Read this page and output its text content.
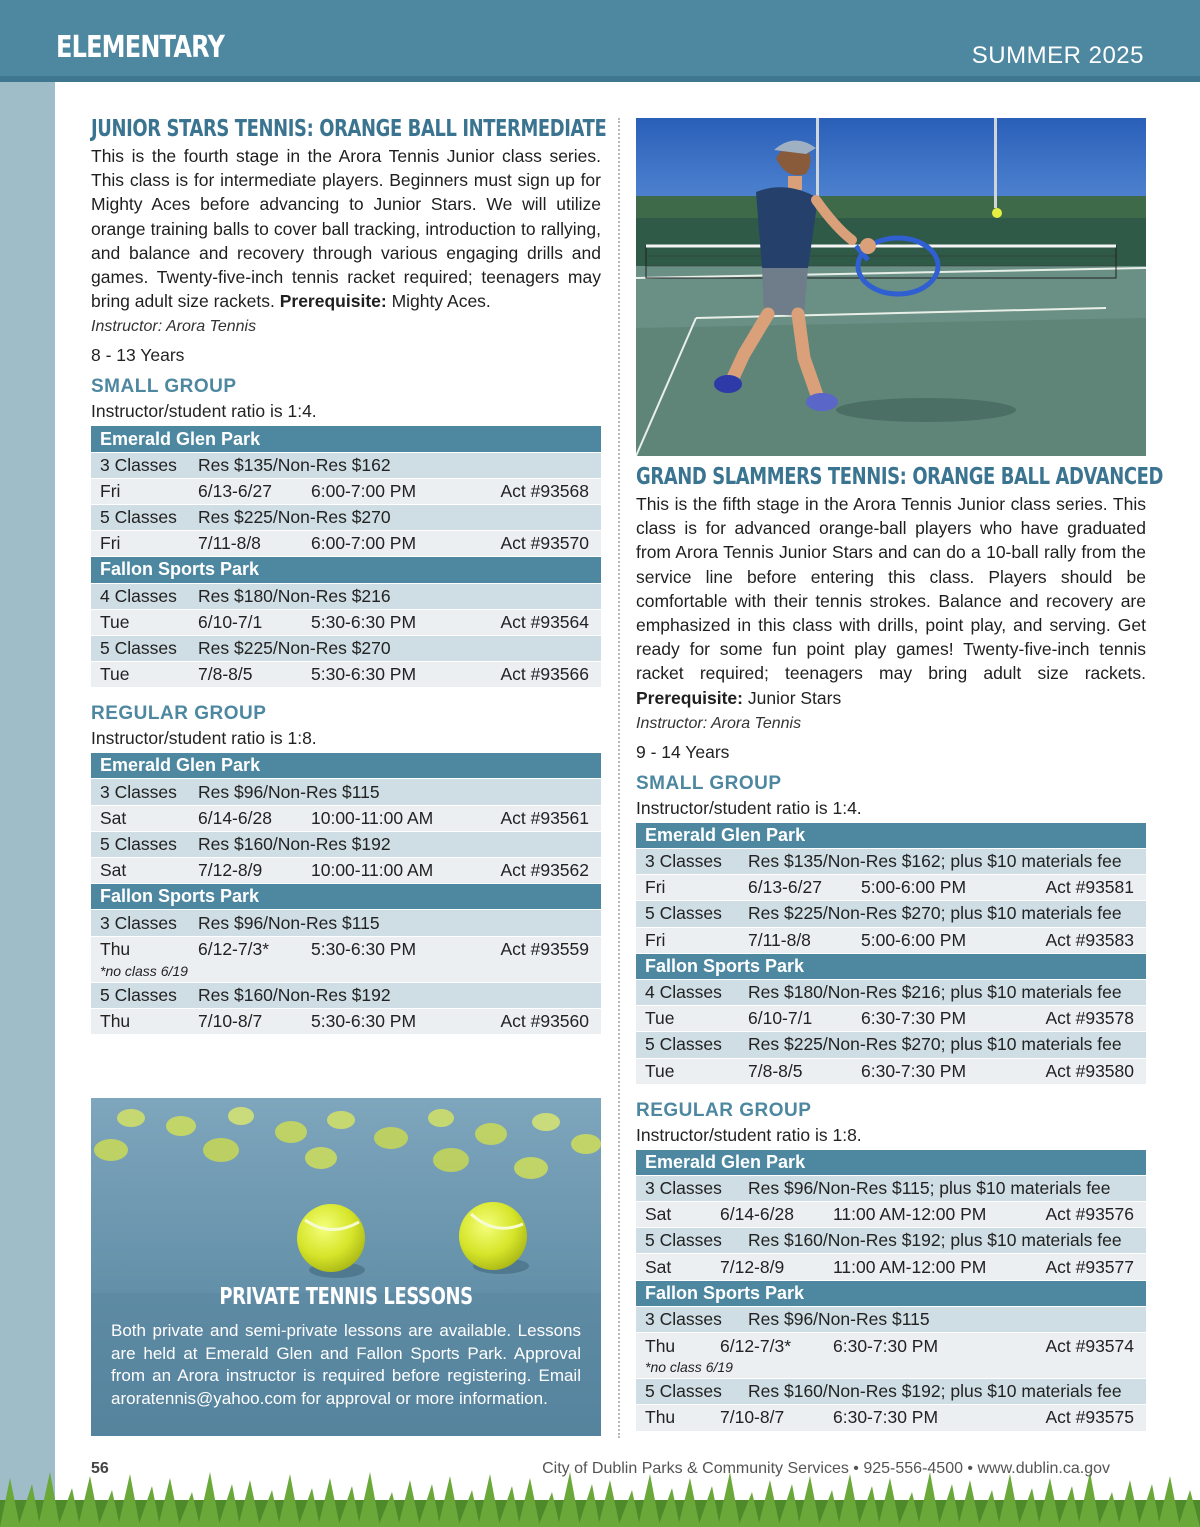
ELEMENTARY	SUMMER 2025
JUNIOR STARS TENNIS: ORANGE BALL INTERMEDIATE
This is the fourth stage in the Arora Tennis Junior class series. This class is for intermediate players. Beginners must sign up for Mighty Aces before advancing to Junior Stars. We will utilize orange training balls to cover ball tracking, introduction to rallying, and balance and recovery through various engaging drills and games. Twenty-five-inch tennis racket required; teenagers may bring adult size rackets. Prerequisite: Mighty Aces.
Instructor: Arora Tennis
8 - 13 Years
SMALL GROUP
Instructor/student ratio is 1:4.
Emerald Glen Park
3 Classes	Res $135/Non-Res $162
Fri	6/13-6/27	6:00-7:00 PM	Act #93568
5 Classes	Res $225/Non-Res $270
Fri	7/11-8/8	6:00-7:00 PM	Act #93570
Fallon Sports Park
4 Classes	Res $180/Non-Res $216
Tue	6/10-7/1	5:30-6:30 PM	Act #93564
5 Classes	Res $225/Non-Res $270
Tue	7/8-8/5	5:30-6:30 PM	Act #93566
REGULAR GROUP
Instructor/student ratio is 1:8.
Emerald Glen Park
3 Classes	Res $96/Non-Res $115
Sat	6/14-6/28	10:00-11:00 AM	Act #93561
5 Classes	Res $160/Non-Res $192
Sat	7/12-8/9	10:00-11:00 AM	Act #93562
Fallon Sports Park
3 Classes	Res $96/Non-Res $115
Thu	6/12-7/3*	5:30-6:30 PM	Act #93559
*no class 6/19
5 Classes	Res $160/Non-Res $192
Thu	7/10-8/7	5:30-6:30 PM	Act #93560
PRIVATE TENNIS LESSONS
Both private and semi-private lessons are available. Lessons are held at Emerald Glen and Fallon Sports Park. Approval from an Arora instructor is required before registering. Email aroratennis@yahoo.com for approval or more information.
GRAND SLAMMERS TENNIS: ORANGE BALL ADVANCED
This is the fifth stage in the Arora Tennis Junior class series. This class is for advanced orange-ball players who have graduated from Arora Tennis Junior Stars and can do a 10-ball rally from the service line before entering this class. Players should be comfortable with their tennis strokes. Balance and recovery are emphasized in this class with drills, point play, and serving. Get ready for some fun point play games! Twenty-five-inch tennis racket required; teenagers may bring adult size rackets. Prerequisite: Junior Stars
Instructor: Arora Tennis
9 - 14 Years
SMALL GROUP
Instructor/student ratio is 1:4.
Emerald Glen Park
3 Classes	Res $135/Non-Res $162; plus $10 materials fee
Fri	6/13-6/27	5:00-6:00 PM	Act #93581
5 Classes	Res $225/Non-Res $270; plus $10 materials fee
Fri	7/11-8/8	5:00-6:00 PM	Act #93583
Fallon Sports Park
4 Classes	Res $180/Non-Res $216; plus $10 materials fee
Tue	6/10-7/1	6:30-7:30 PM	Act #93578
5 Classes	Res $225/Non-Res $270; plus $10 materials fee
Tue	7/8-8/5	6:30-7:30 PM	Act #93580
REGULAR GROUP
Instructor/student ratio is 1:8.
Emerald Glen Park
3 Classes	Res $96/Non-Res $115; plus $10 materials fee
Sat	6/14-6/28	11:00 AM-12:00 PM	Act #93576
5 Classes	Res $160/Non-Res $192; plus $10 materials fee
Sat	7/12-8/9	11:00 AM-12:00 PM	Act #93577
Fallon Sports Park
3 Classes	Res $96/Non-Res $115
Thu	6/12-7/3*	6:30-7:30 PM	Act #93574
*no class 6/19
5 Classes	Res $160/Non-Res $192; plus $10 materials fee
Thu	7/10-8/7	6:30-7:30 PM	Act #93575
56	City of Dublin Parks & Community Services • 925-556-4500 • www.dublin.ca.gov
